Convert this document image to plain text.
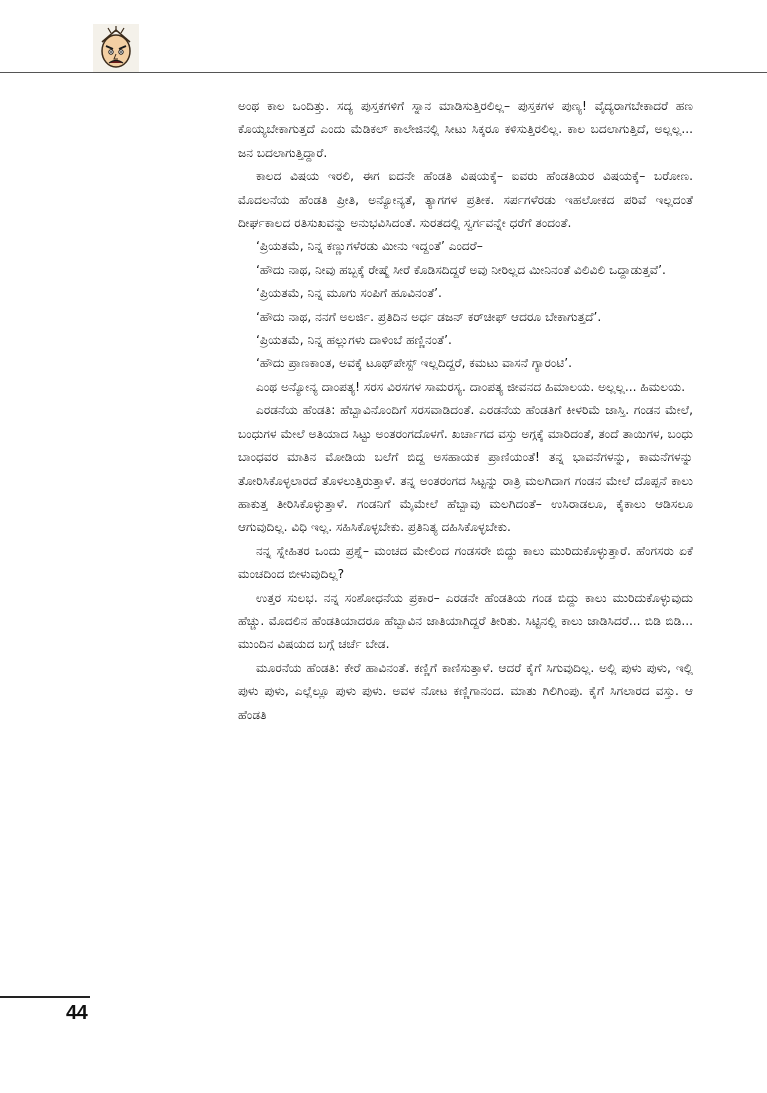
ಅಂಥ ಕಾಲ ಒಂದಿತ್ತು. ಸದ್ಯ ಪುಸ್ತಕಗಳಿಗೆ ಸ್ನಾನ ಮಾಡಿಸುತ್ತಿರಲಿಲ್ಲ– ಪುಸ್ತಕಗಳ ಪುಣ್ಯ! ವೈದ್ಯರಾಗಬೇಕಾದರೆ ಹಣ ಕೊಯ್ಯಬೇಕಾಗುತ್ತದೆ ಎಂದು ಮೆಡಿಕಲ್ ಕಾಲೇಜಿನಲ್ಲಿ ಸೀಟು ಸಿಕ್ಕರೂ ಕಳಿಸುತ್ತಿರಲಿಲ್ಲ. ಕಾಲ ಬದಲಾಗುತ್ತಿದೆ, ಅಲ್ಲಲ್ಲ... ಜನ ಬದಲಾಗುತ್ತಿದ್ದಾರೆ.

ಕಾಲದ ವಿಷಯ ಇರಲಿ, ಈಗ ಐದನೇ ಹೆಂಡತಿ ವಿಷಯಕ್ಕೆ– ಐವರು ಹೆಂಡತಿಯರ ವಿಷಯಕ್ಕೆ– ಬರೋಣ. ಮೊದಲನೆಯ ಹೆಂಡತಿ ಪ್ರೀತಿ, ಅನ್ಯೋನ್ಯತೆ, ತ್ಯಾಗಗಳ ಪ್ರತೀಕ. ಸರ್ಪಗಳೆರಡು ಇಹಲೋಕದ ಪರಿವೆ ಇಲ್ಲದಂತೆ ದೀರ್ಘಕಾಲದ ರತಿಸುಖವನ್ನು ಅನುಭವಿಸಿದಂತೆ. ಸುರತದಲ್ಲಿ ಸ್ವರ್ಗವನ್ನೇ ಧರೆಗೆ ತಂದಂತೆ.

‘ಪ್ರಿಯತಮೆ, ನಿನ್ನ ಕಣ್ಣುಗಳೆರಡು ಮೀನು ಇದ್ದಂತೆ’ ಎಂದರೆ–

‘ಹೌದು ನಾಥ, ನೀವು ಹಬ್ಬಕ್ಕೆ ರೇಷ್ಮೆ ಸೀರೆ ಕೊಡಿಸದಿದ್ದರೆ ಅವು ನೀರಿಲ್ಲದ ಮೀನಿನಂತೆ ವಿಲಿವಿಲಿ ಒದ್ದಾಡುತ್ತವೆ’.

‘ಪ್ರಿಯತಮೆ, ನಿನ್ನ ಮೂಗು ಸಂಪಿಗೆ ಹೂವಿನಂತೆ’.

‘ಹೌದು ನಾಥ, ನನಗೆ ಅಲರ್ಜಿ. ಪ್ರತಿದಿನ ಅರ್ಧ ಡಜನ್ ಕರ್‌ಚೀಫ್ ಆದರೂ ಬೇಕಾಗುತ್ತದೆ’.

‘ಪ್ರಿಯತಮೆ, ನಿನ್ನ ಹಲ್ಲುಗಳು ದಾಳಿಂಬೆ ಹಣ್ಣಿನಂತೆ’.

‘ಹೌದು ಪ್ರಾಣಕಾಂತ, ಅವಕ್ಕೆ ಟೂಥ್‌ಪೇಸ್ಟ್ ಇಲ್ಲದಿದ್ದರೆ, ಕಮಟು ವಾಸನೆ ಗ್ಯಾರಂಟಿ’.

ಎಂಥ ಅನ್ಯೋನ್ಯ ದಾಂಪತ್ಯ! ಸರಸ ವಿರಸಗಳ ಸಾಮರಸ್ಯ. ದಾಂಪತ್ಯ ಜೀವನದ ಹಿಮಾಲಯ. ಅಲ್ಲಲ್ಲ... ಹಿಮಲಯ.

ಎರಡನೆಯ ಹೆಂಡತಿ: ಹೆಬ್ಬಾವಿನೊಂದಿಗೆ ಸರಸವಾಡಿದಂತೆ. ಎರಡನೆಯ ಹೆಂಡತಿಗೆ ಕೀಳರಿಮೆ ಜಾಸ್ತಿ. ಗಂಡನ ಮೇಲೆ, ಬಂಧುಗಳ ಮೇಲೆ ಅತಿಯಾದ ಸಿಟ್ಟು ಅಂತರಂಗದೊಳಗೆ. ಖರ್ಚಾಗದ ವಸ್ತು ಅಗ್ಗಕ್ಕೆ ಮಾರಿದಂತೆ, ತಂದೆ ತಾಯಿಗಳ, ಬಂಧು ಬಾಂಧವರ ಮಾತಿನ ಮೋಡಿಯ ಬಲೆಗೆ ಬಿದ್ದ ಅಸಹಾಯಕ ಪ್ರಾಣಿಯಂತೆ! ತನ್ನ ಭಾವನೆಗಳನ್ನು, ಕಾಮನೆಗಳನ್ನು ತೋರಿಸಿಕೊಳ್ಳಲಾರದೆ ತೊಳಲುತ್ತಿರುತ್ತಾಳೆ. ತನ್ನ ಅಂತರಂಗದ ಸಿಟ್ಟನ್ನು ರಾತ್ರಿ ಮಲಗಿದಾಗ ಗಂಡನ ಮೇಲೆ ದೊಪ್ಪನೆ ಕಾಲು ಹಾಕುತ್ತ ತೀರಿಸಿಕೊಳ್ಳುತ್ತಾಳೆ. ಗಂಡನಿಗೆ ಮೈಮೇಲೆ ಹೆಬ್ಬಾವು ಮಲಗಿದಂತೆ– ಉಸಿರಾಡಲೂ, ಕೈಕಾಲು ಆಡಿಸಲೂ ಆಗುವುದಿಲ್ಲ. ವಿಧಿ ಇಲ್ಲ. ಸಹಿಸಿಕೊಳ್ಳಬೇಕು. ಪ್ರತಿನಿತ್ಯ ದಹಿಸಿಕೊಳ್ಳಬೇಕು.

ನನ್ನ ಸ್ನೇಹಿತರ ಒಂದು ಪ್ರಶ್ನೆ– ಮಂಚದ ಮೇಲಿಂದ ಗಂಡಸರೇ ಬಿದ್ದು ಕಾಲು ಮುರಿದುಕೊಳ್ಳುತ್ತಾರೆ. ಹೆಂಗಸರು ಏಕೆ ಮಂಚದಿಂದ ಬೀಳುವುದಿಲ್ಲ?

ಉತ್ತರ ಸುಲಭ. ನನ್ನ ಸಂಶೋಧನೆಯ ಪ್ರಕಾರ– ಎರಡನೇ ಹೆಂಡತಿಯ ಗಂಡ ಬಿದ್ದು ಕಾಲು ಮುರಿದುಕೊಳ್ಳುವುದು ಹೆಚ್ಚು. ಮೊದಲಿನ ಹೆಂಡತಿಯಾದರೂ ಹೆಬ್ಬಾವಿನ ಜಾತಿಯಾಗಿದ್ದರೆ ತೀರಿತು. ಸಿಟ್ಟಿನಲ್ಲಿ ಕಾಲು ಜಾಡಿಸಿದರೆ... ಬಿಡಿ ಬಿಡಿ... ಮುಂದಿನ ವಿಷಯದ ಬಗ್ಗೆ ಚರ್ಚೆ ಬೇಡ.

ಮೂರನೆಯ ಹೆಂಡತಿ: ಕೇರೆ ಹಾವಿನಂತೆ. ಕಣ್ಣಿಗೆ ಕಾಣಿಸುತ್ತಾಳೆ. ಆದರೆ ಕೈಗೆ ಸಿಗುವುದಿಲ್ಲ. ಅಲ್ಲಿ ಪುಳು ಪುಳು, ಇಲ್ಲಿ ಪುಳು ಪುಳು, ಎಲ್ಲೆಲ್ಲೂ ಪುಳು ಪುಳು. ಅವಳ ನೋಟ ಕಣ್ಣಿಗಾನಂದ. ಮಾತು ಗಿಲಿಗಿಂಪು. ಕೈಗೆ ಸಿಗಲಾರದ ವಸ್ತು. ಆ ಹೆಂಡತಿ

44
